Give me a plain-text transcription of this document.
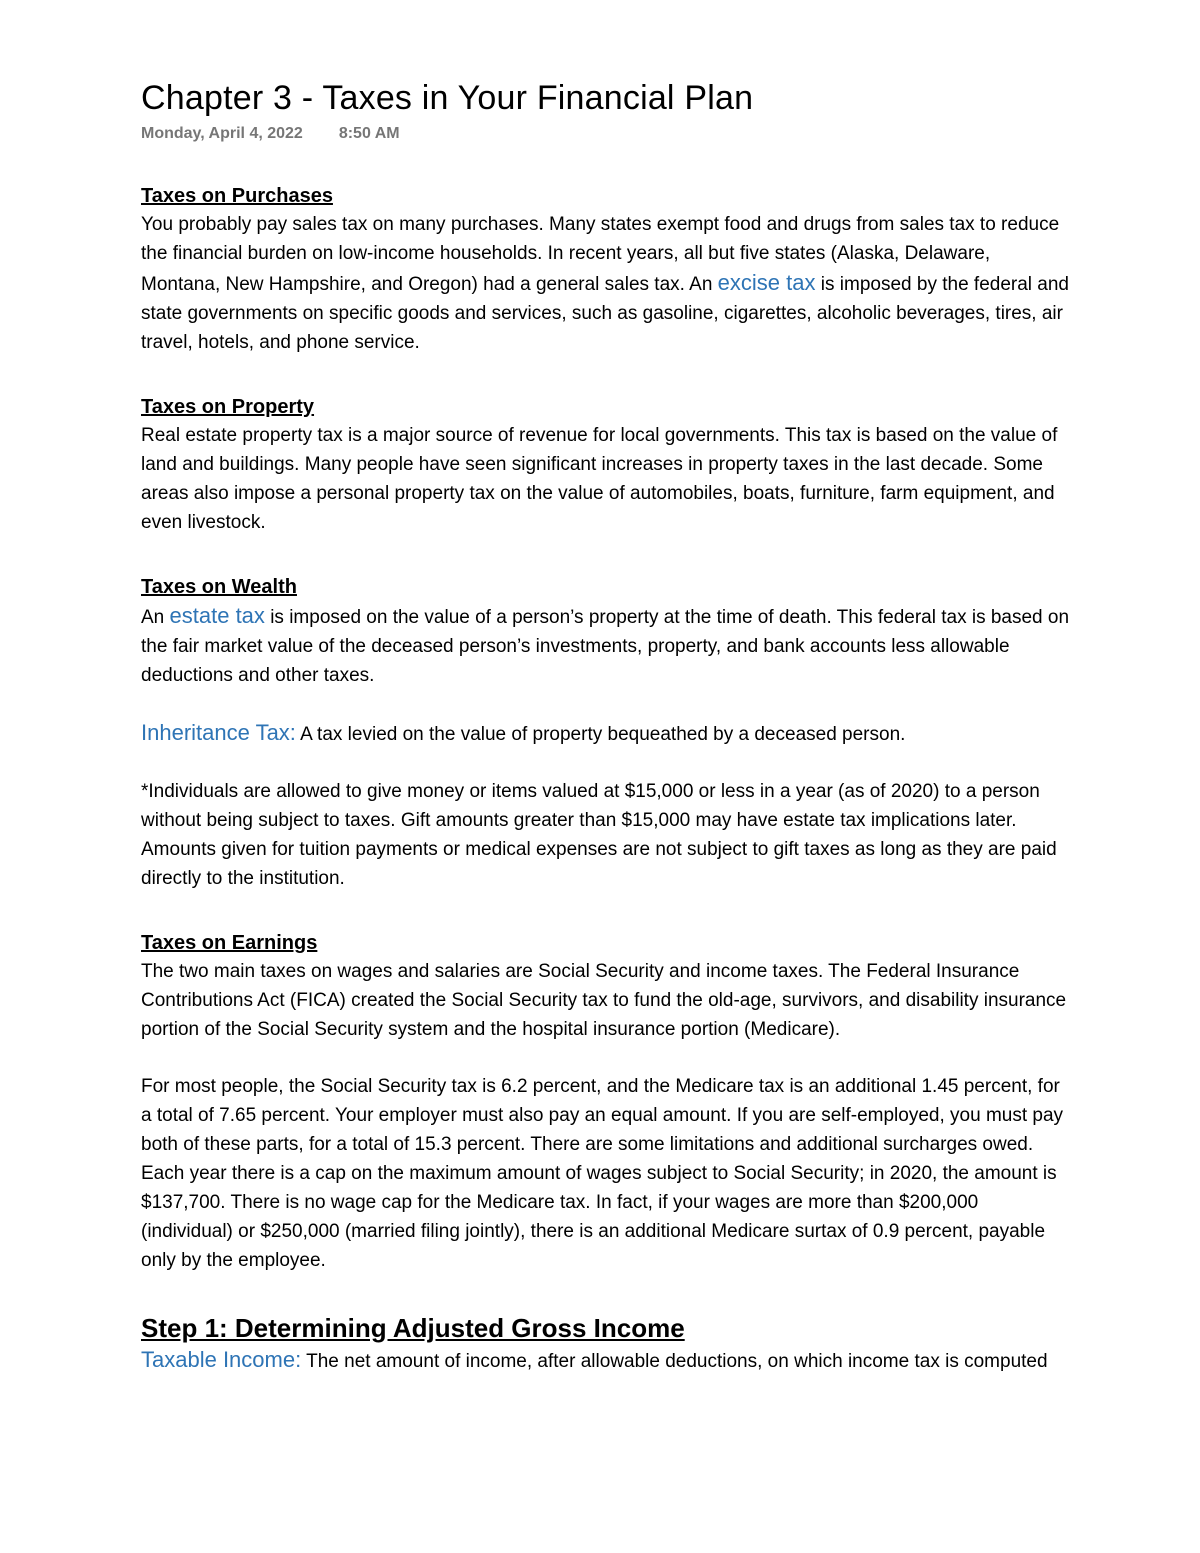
Chapter 3 - Taxes in Your Financial Plan
Monday, April 4, 2022 8:50 AM
Taxes on Purchases

You probably pay sales tax on many purchases. Many states exempt food and drugs from sales tax to reduce the financial burden on low-income households. In recent years, all but five states (Alaska, Delaware, Montana, New Hampshire, and Oregon) had a general sales tax. An excise tax is imposed by the federal and state governments on specific goods and services, such as gasoline, cigarettes, alcoholic beverages, tires, air travel, hotels, and phone service.

Taxes on Property

Real estate property tax is a major source of revenue for local governments. This tax is based on the value of land and buildings. Many people have seen significant increases in property taxes in the last decade. Some areas also impose a personal property tax on the value of automobiles, boats, furniture, farm equipment, and even livestock.

Taxes on Wealth

An estate tax is imposed on the value of a person’s property at the time of death. This federal tax is based on the fair market value of the deceased person’s investments, property, and bank accounts less allowable deductions and other taxes.

Inheritance Tax: A tax levied on the value of property bequeathed by a deceased person.

*Individuals are allowed to give money or items valued at $15,000 or less in a year (as of 2020) to a person without being subject to taxes. Gift amounts greater than $15,000 may have estate tax implications later. Amounts given for tuition payments or medical expenses are not subject to gift taxes as long as they are paid directly to the institution.

Taxes on Earnings

The two main taxes on wages and salaries are Social Security and income taxes. The Federal Insurance Contributions Act (FICA) created the Social Security tax to fund the old-age, survivors, and disability insurance portion of the Social Security system and the hospital insurance portion (Medicare).

For most people, the Social Security tax is 6.2 percent, and the Medicare tax is an additional 1.45 percent, for a total of 7.65 percent. Your employer must also pay an equal amount. If you are self-employed, you must pay both of these parts, for a total of 15.3 percent. There are some limitations and additional surcharges owed. Each year there is a cap on the maximum amount of wages subject to Social Security; in 2020, the amount is $137,700. There is no wage cap for the Medicare tax. In fact, if your wages are more than $200,000 (individual) or $250,000 (married filing jointly), there is an additional Medicare surtax of 0.9 percent, payable only by the employee.

Step 1: Determining Adjusted Gross Income

Taxable Income: The net amount of income, after allowable deductions, on which income tax is computed
